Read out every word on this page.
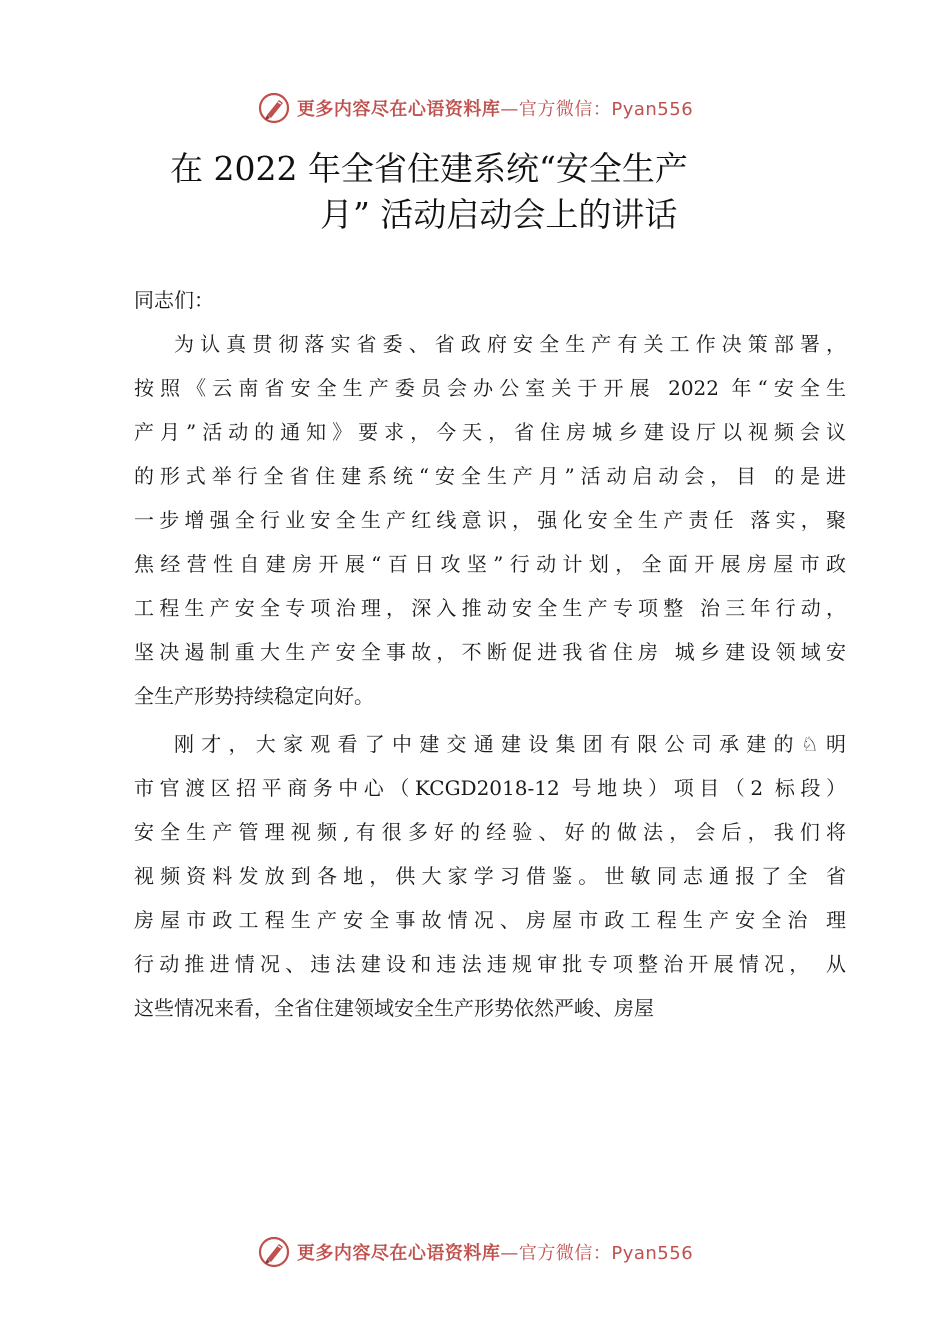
更多内容尽在心语资料库—官方微信：Pyan556
在 2022 年全省住建系统“安全生产
月” 活动启动会上的讲话
同志们：
为认真贯彻落实省委、省政府安全生产有关工作决策部署，
按照《云南省安全生产委员会办公室关于开展 2022 年“安全生
产月”活动的通知》要求，今天，省住房城乡建设厅以视频会议
的形式举行全省住建系统“安全生产月”活动启动会，目 的是进
一步增强全行业安全生产红线意识，强化安全生产责任 落实，聚
焦经营性自建房开展“百日攻坚”行动计划，全面开展房屋市政
工程生产安全专项治理，深入推动安全生产专项整 治三年行动，
坚决遏制重大生产安全事故，不断促进我省住房 城乡建设领域安
全生产形势持续稳定向好。
刚才，大家观看了中建交通建设集团有限公司承建的♘明
市官渡区招平商务中心（KCGD2018-12 号地块）项目（2 标段）
安全生产管理视频,有很多好的经验、好的做法，会后，我们将
视频资料发放到各地，供大家学习借鉴。世敏同志通报了全 省
房屋市政工程生产安全事故情况、房屋市政工程生产安全治 理
行动推进情况、违法建设和违法违规审批专项整治开展情况， 从
这些情况来看，全省住建领域安全生产形势依然严峻、房屋
更多内容尽在心语资料库—官方微信：Pyan556
